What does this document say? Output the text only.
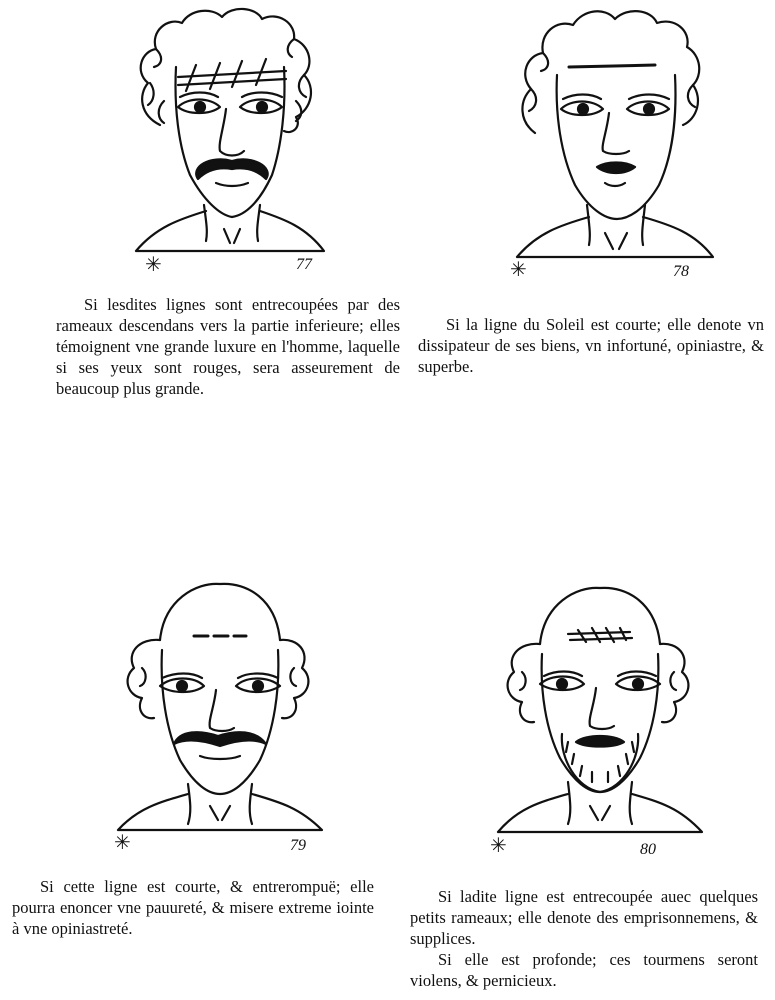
✳	77

Si lesdites lignes sont entrecoupées par des rameaux descendans vers la partie inferieure; elles témoignent vne grande luxure en l'homme, laquelle si ses yeux sont rouges, sera asseurement de beaucoup plus grande.

✳	78

Si la ligne du Soleil est courte; elle denote vn dissipateur de ses biens, vn infortuné, opiniastre, & superbe.

✳	79

Si cette ligne est courte, & entrerompuë; elle pourra enoncer vne pauureté, & misere extreme iointe à vne opiniastreté.

✳	80

Si ladite ligne est entrecoupée auec quelques petits rameaux; elle denote des emprisonnemens, & supplices.

Si elle est profonde; ces tourmens seront violens, & pernicieux.
